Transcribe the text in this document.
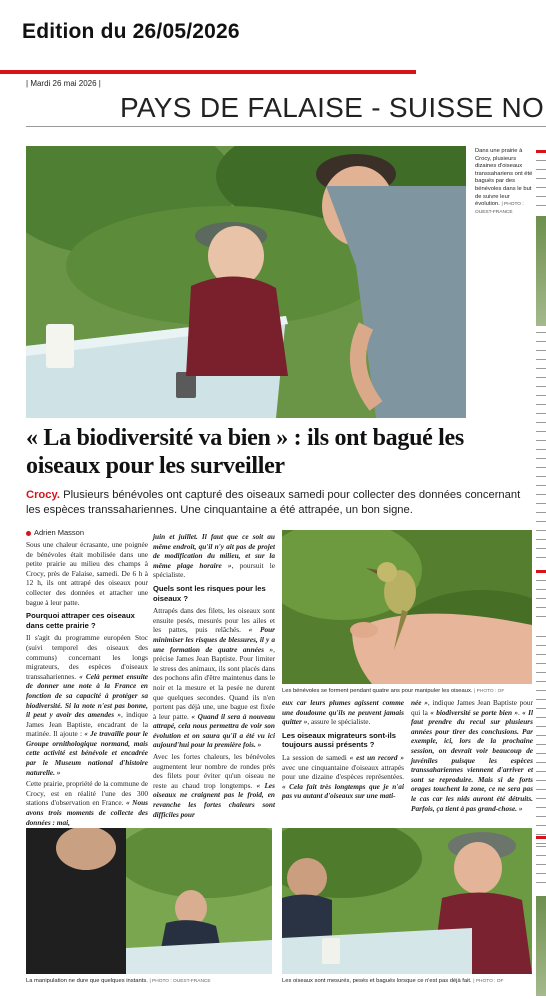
Edition du 26/05/2026
| Mardi 26 mai 2026 |
PAYS DE FALAISE - SUISSE NO
Dans une prairie à Crocy, plusieurs dizaines d'oiseaux transsahariens ont été bagués par des bénévoles dans le but de suivre leur évolution. | PHOTO : OUEST-FRANCE
« La biodiversité va bien » : ils ont bagué les oiseaux pour les surveiller
Crocy. Plusieurs bénévoles ont capturé des oiseaux samedi pour collecter des données concernant les espèces transsahariennes. Une cinquantaine a été attrapée, un bon signe.
Adrien Masson

Sous une chaleur écrasante, une poignée de bénévoles était mobilisée dans une petite prairie au milieu des champs à Crocy, près de Falaise, samedi. De 6 h à 12 h, ils ont attrapé des oiseaux pour collecter des données et attacher une bague à leur patte.

Pourquoi attraper ces oiseaux dans cette prairie ?

Il s'agit du programme européen Stoc (suivi temporel des oiseaux des communs) concernant les longs migrateurs, des espèces d'oiseaux transsahariennes. « Celà permet ensuite de donner une note à la France en fonction de sa capacité à protéger sa biodiversité. Si la note n'est pas bonne, il peut y avoir des amendes », indique James Jean Baptiste, encadrant de la matinée. Il ajoute : « Je travaille pour le Groupe ornithologique normand, mais cette activité est bénévole et encadrée par le Museum national d'histoire naturelle. »

Cette prairie, propriété de la commune de Crocy, est en réalité l'une des 300 stations d'observation en France. « Nous avons trois moments de collecte des données : mai,

juin et juillet. Il faut que ce soit au même endroit, qu'il n'y ait pas de projet de modification du milieu, et sur la même plage horaire », poursuit le spécialiste.

Quels sont les risques pour les oiseaux ?

Attrapés dans des filets, les oiseaux sont ensuite pesés, mesurés pour les ailes et les pattes, puis relâchés. « Pour minimiser les risques de blessures, il y a une formation de quatre années », précise James Jean Baptiste. Pour limiter le stress des animaux, ils sont placés dans des pochons afin d'être maintenus dans le noir et la mesure et la pesée ne durent que quelques secondes. Quand ils n'en portent pas déjà une, une bague est fixée à leur patte. « Quand il sera à nouveau attrapé, cela nous permettra de voir son évolution et on saura qu'il a été vu ici aujourd'hui pour la première fois. »

Avec les fortes chaleurs, les bénévoles augmentent leur nombre de rondes près des filets pour éviter qu'un oiseau ne reste au chaud trop longtemps. « Les oiseaux ne craignent pas le froid, en revanche les fortes chaleurs sont difficiles pour

Les bénévoles se forment pendant quatre ans pour manipuler les oiseaux. | PHOTO : OF

eux car leurs plumes agissent comme une doudoune qu'ils ne peuvent jamais quitter », assure le spécialiste.

Les oiseaux migrateurs sont-ils toujours aussi présents ?

La session de samedi « est un record » avec une cinquantaine d'oiseaux attrapés pour une dizaine d'espèces représentées. « Cela fait très longtemps que je n'ai pas vu autant d'oiseaux sur une mati-

née », indique James Jean Baptiste pour qui la « biodiversité se porte bien ». « Il faut prendre du recul sur plusieurs années pour tirer des conclusions. Par exemple, ici, lors de la prochaine session, on devrait voir beaucoup de juvéniles puisque les espèces transsahariennes viennent d'arriver et sont se reproduire. Mais si de forts orages touchent la zone, ce ne sera pas le cas car les nids auront été détruits. Parfois, ça tient à pas grand-chose. »

La manipulation ne dure que quelques instants. | PHOTO : OUEST-FRANCE	Les oiseaux sont mesurés, pesés et bagués lorsque ce n'est pas déjà fait. | PHOTO : OF
